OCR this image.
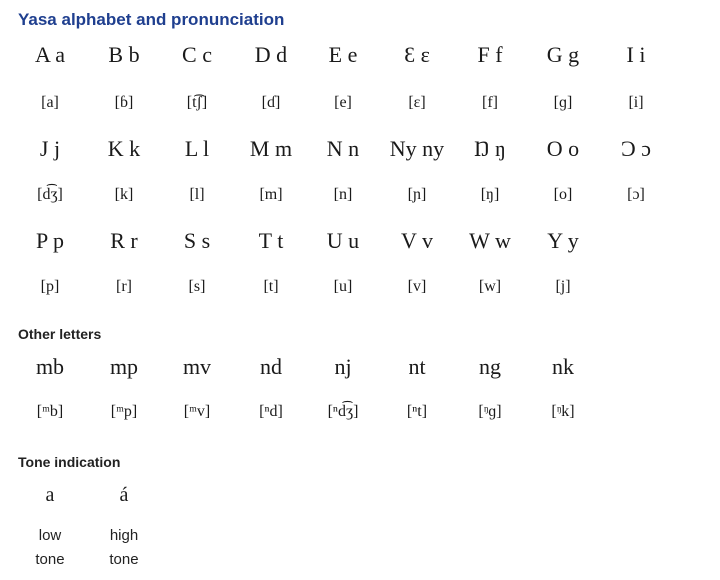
Yasa alphabet and pronunciation
A a	B b	C c	D d	E e	Ɛ ɛ	F f	G g	I i
[a]	[ɓ]	[t͡ʃ]	[ɗ]	[e]	[ɛ]	[f]	[ɡ]	[i]
J j	K k	L l	M m	N n	Ny ny	Ŋ ŋ	O o	Ɔ ɔ
[d͡ʒ]	[k]	[l]	[m]	[n]	[ɲ]	[ŋ]	[o]	[ɔ]
P p	R r	S s	T t	U u	V v	W w	Y y
[p]	[r]	[s]	[t]	[u]	[v]	[w]	[j]
Other letters
mb	mp	mv	nd	nj	nt	ng	nk
[ᵐb]	[ᵐp]	[ᵐv]	[ⁿd]	[ⁿd͡ʒ]	[ⁿt]	[ᵑɡ]	[ᵑk]
Tone indication
a
low
tone
á
high
tone
